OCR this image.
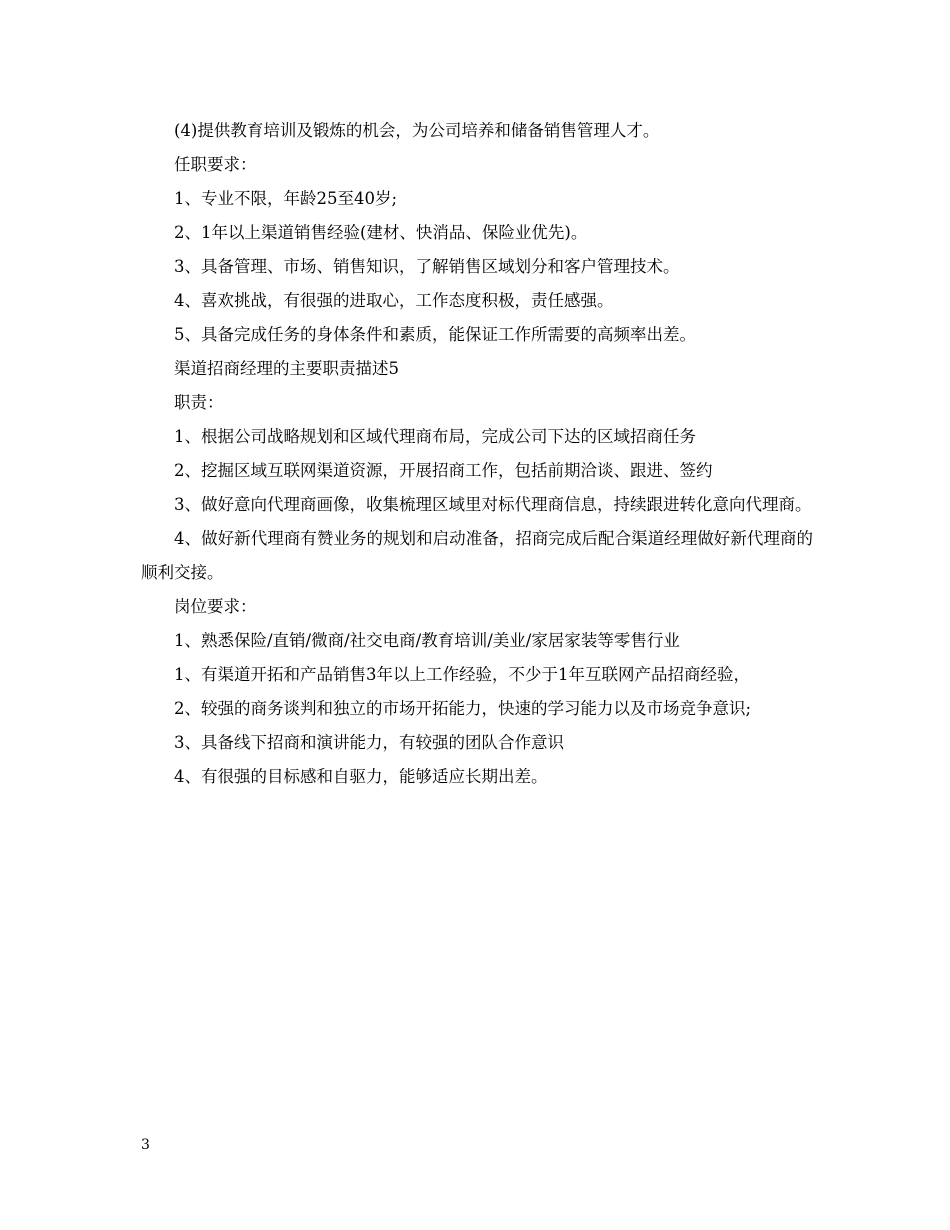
(4)提供教育培训及锻炼的机会，为公司培养和储备销售管理人才。

任职要求：

1、专业不限，年龄25至40岁;

2、1年以上渠道销售经验(建材、快消品、保险业优先)。

3、具备管理、市场、销售知识，了解销售区域划分和客户管理技术。

4、喜欢挑战，有很强的进取心，工作态度积极，责任感强。

5、具备完成任务的身体条件和素质，能保证工作所需要的高频率出差。

渠道招商经理的主要职责描述5

职责：

1、根据公司战略规划和区域代理商布局，完成公司下达的区域招商任务

2、挖掘区域互联网渠道资源，开展招商工作，包括前期洽谈、跟进、签约

3、做好意向代理商画像，收集梳理区域里对标代理商信息，持续跟进转化意向代理商。

4、做好新代理商有赞业务的规划和启动准备，招商完成后配合渠道经理做好新代理商的顺利交接。

岗位要求：

1、熟悉保险/直销/微商/社交电商/教育培训/美业/家居家装等零售行业

1、有渠道开拓和产品销售3年以上工作经验，不少于1年互联网产品招商经验，

2、较强的商务谈判和独立的市场开拓能力，快速的学习能力以及市场竞争意识;

3、具备线下招商和演讲能力，有较强的团队合作意识

4、有很强的目标感和自驱力，能够适应长期出差。

3
